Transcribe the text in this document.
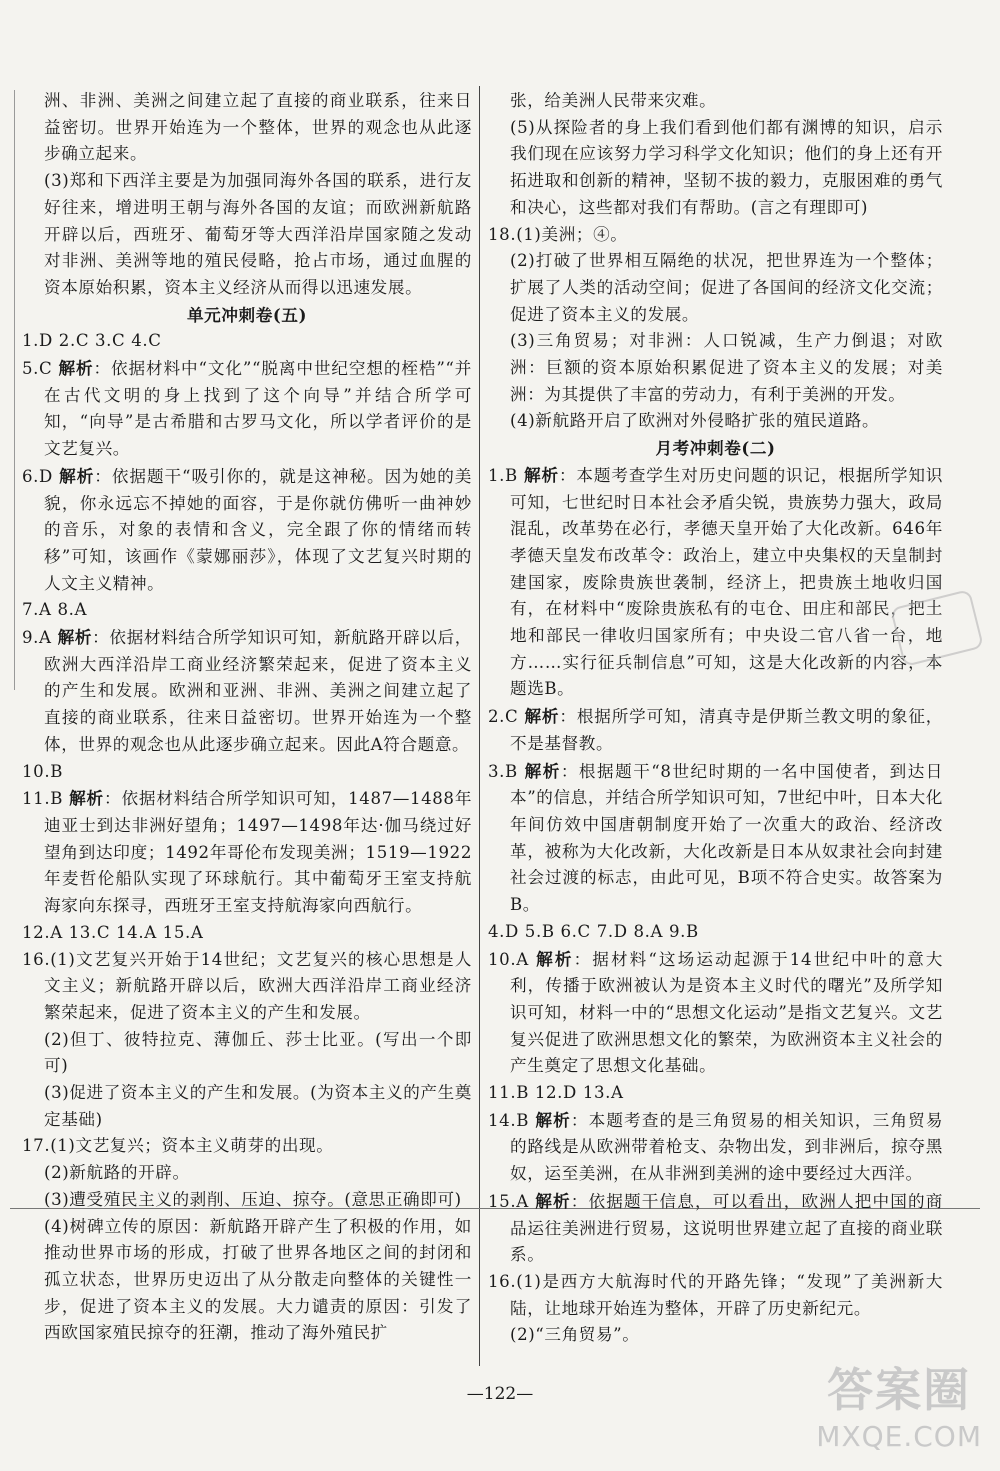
洲、非洲、美洲之间建立起了直接的商业联系，往来日益密切。世界开始连为一个整体，世界的观念也从此逐步确立起来。

(3)郑和下西洋主要是为加强同海外各国的联系，进行友好往来，增进明王朝与海外各国的友谊；而欧洲新航路开辟以后，西班牙、葡萄牙等大西洋沿岸国家随之发动对非洲、美洲等地的殖民侵略，抢占市场，通过血腥的资本原始积累，资本主义经济从而得以迅速发展。

单元冲刺卷(五)

1.D 2.C 3.C 4.C

5.C 解析：依据材料中“文化”“脱离中世纪空想的桎梏”“并在古代文明的身上找到了这个向导”并结合所学可知，“向导”是古希腊和古罗马文化，所以学者评价的是文艺复兴。

6.D 解析：依据题干“吸引你的，就是这神秘。因为她的美貌，你永远忘不掉她的面容，于是你就仿佛听一曲神妙的音乐，对象的表情和含义，完全跟了你的情绪而转移”可知，该画作《蒙娜丽莎》，体现了文艺复兴时期的人文主义精神。

7.A 8.A

9.A 解析：依据材料结合所学知识可知，新航路开辟以后，欧洲大西洋沿岸工商业经济繁荣起来，促进了资本主义的产生和发展。欧洲和亚洲、非洲、美洲之间建立起了直接的商业联系，往来日益密切。世界开始连为一个整体，世界的观念也从此逐步确立起来。因此A符合题意。

10.B

11.B 解析：依据材料结合所学知识可知，1487—1488年迪亚士到达非洲好望角；1497—1498年达·伽马绕过好望角到达印度；1492年哥伦布发现美洲；1519—1922年麦哲伦船队实现了环球航行。其中葡萄牙王室支持航海家向东探寻，西班牙王室支持航海家向西航行。

12.A 13.C 14.A 15.A

16.(1)文艺复兴开始于14世纪；文艺复兴的核心思想是人文主义；新航路开辟以后，欧洲大西洋沿岸工商业经济繁荣起来，促进了资本主义的产生和发展。

(2)但丁、彼特拉克、薄伽丘、莎士比亚。(写出一个即可)

(3)促进了资本主义的产生和发展。(为资本主义的产生奠定基础)

17.(1)文艺复兴；资本主义萌芽的出现。

(2)新航路的开辟。

(3)遭受殖民主义的剥削、压迫、掠夺。(意思正确即可)

(4)树碑立传的原因：新航路开辟产生了积极的作用，如推动世界市场的形成，打破了世界各地区之间的封闭和孤立状态，世界历史迈出了从分散走向整体的关键性一步，促进了资本主义的发展。大力谴责的原因：引发了西欧国家殖民掠夺的狂潮，推动了海外殖民扩

张，给美洲人民带来灾难。

(5)从探险者的身上我们看到他们都有渊博的知识，启示我们现在应该努力学习科学文化知识；他们的身上还有开拓进取和创新的精神，坚韧不拔的毅力，克服困难的勇气和决心，这些都对我们有帮助。(言之有理即可)

18.(1)美洲；④。

(2)打破了世界相互隔绝的状况，把世界连为一个整体；扩展了人类的活动空间；促进了各国间的经济文化交流；促进了资本主义的发展。

(3)三角贸易；对非洲：人口锐减，生产力倒退；对欧洲：巨额的资本原始积累促进了资本主义的发展；对美洲：为其提供了丰富的劳动力，有利于美洲的开发。

(4)新航路开启了欧洲对外侵略扩张的殖民道路。

月考冲刺卷(二)

1.B 解析：本题考查学生对历史问题的识记，根据所学知识可知，七世纪时日本社会矛盾尖锐，贵族势力强大，政局混乱，改革势在必行，孝德天皇开始了大化改新。646年孝德天皇发布改革令：政治上，建立中央集权的天皇制封建国家，废除贵族世袭制，经济上，把贵族土地收归国有，在材料中“废除贵族私有的屯仓、田庄和部民，把土地和部民一律收归国家所有；中央设二官八省一台，地方……实行征兵制信息”可知，这是大化改新的内容，本题选B。

2.C 解析：根据所学可知，清真寺是伊斯兰教文明的象征，不是基督教。

3.B 解析：根据题干“8世纪时期的一名中国使者，到达日本”的信息，并结合所学知识可知，7世纪中叶，日本大化年间仿效中国唐朝制度开始了一次重大的政治、经济改革，被称为大化改新，大化改新是日本从奴隶社会向封建社会过渡的标志，由此可见，B项不符合史实。故答案为B。

4.D 5.B 6.C 7.D 8.A 9.B

10.A 解析：据材料“这场运动起源于14世纪中叶的意大利，传播于欧洲被认为是资本主义时代的曙光”及所学知识可知，材料一中的“思想文化运动”是指文艺复兴。文艺复兴促进了欧洲思想文化的繁荣，为欧洲资本主义社会的产生奠定了思想文化基础。

11.B 12.D 13.A

14.B 解析：本题考查的是三角贸易的相关知识，三角贸易的路线是从欧洲带着枪支、杂物出发，到非洲后，掠夺黑奴，运至美洲，在从非洲到美洲的途中要经过大西洋。

15.A 解析：依据题干信息，可以看出，欧洲人把中国的商品运往美洲进行贸易，这说明世界建立起了直接的商业联系。

16.(1)是西方大航海时代的开路先锋；“发现”了美洲新大陆，让地球开始连为整体，开辟了历史新纪元。

(2)“三角贸易”。

—122—	答案圈
MXQE.COM
